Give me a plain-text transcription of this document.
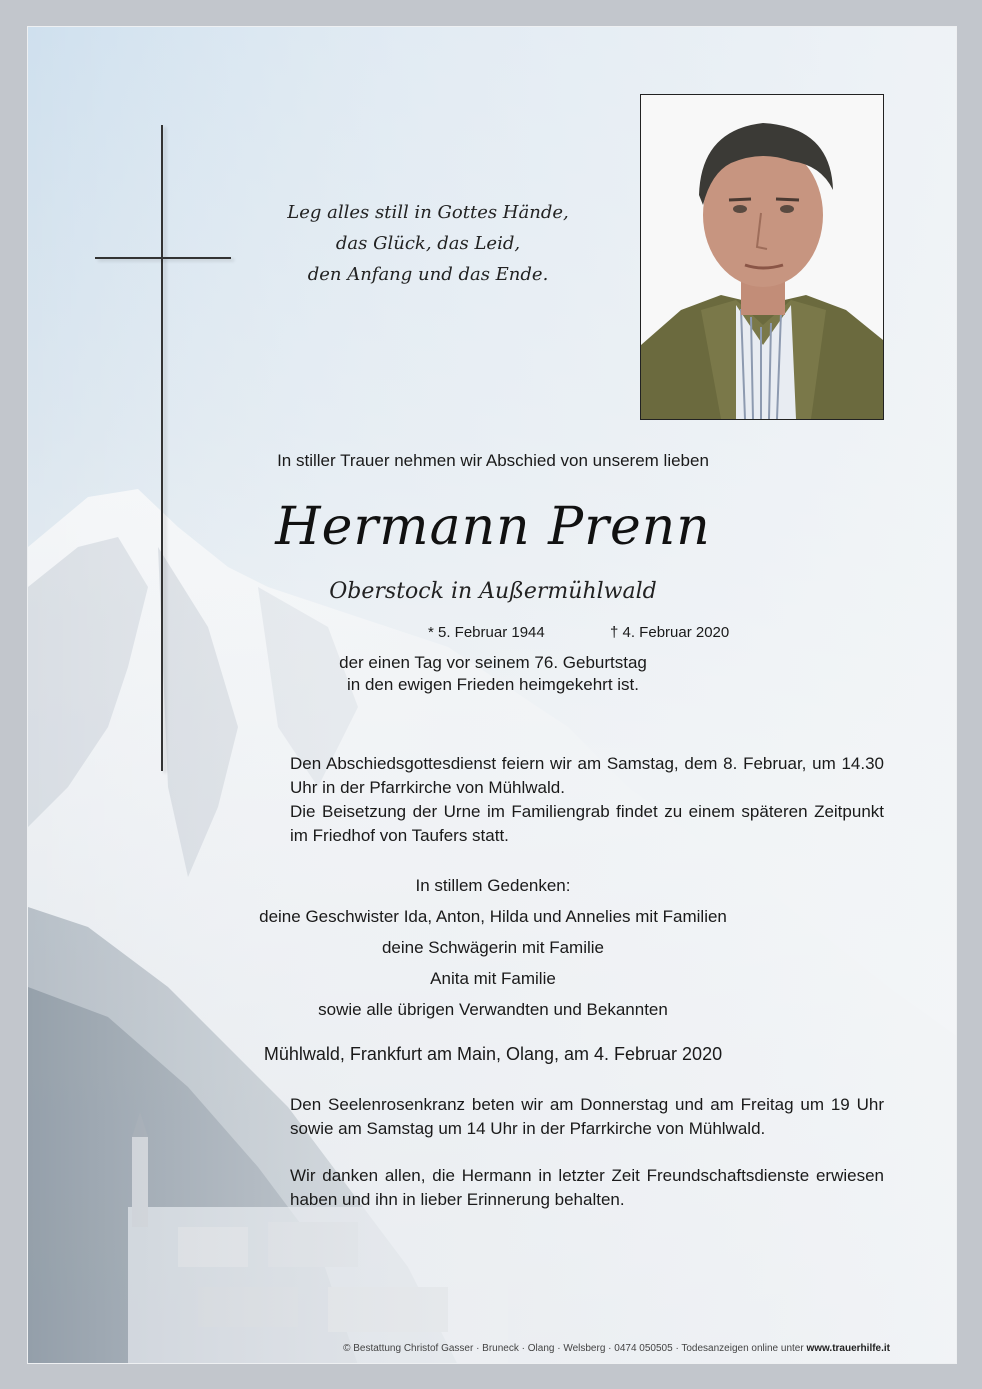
Leg alles still in Gottes Hände,
das Glück, das Leid,
den Anfang und das Ende.
In stiller Trauer nehmen wir Abschied von unserem lieben
Hermann Prenn
Oberstock in Außermühlwald
* 5. Februar 1944	† 4. Februar 2020
der einen Tag vor seinem 76. Geburtstag
in den ewigen Frieden heimgekehrt ist.
Den Abschiedsgottesdienst feiern wir am Samstag, dem 8. Februar, um 14.30 Uhr in der Pfarrkirche von Mühlwald.
Die Beisetzung der Urne im Familiengrab findet zu einem späteren Zeitpunkt im Friedhof von Taufers statt.
In stillem Gedenken:
deine Geschwister Ida, Anton, Hilda und Annelies mit Familien
deine Schwägerin mit Familie
Anita mit Familie
sowie alle übrigen Verwandten und Bekannten
Mühlwald, Frankfurt am Main, Olang, am 4. Februar 2020
Den Seelenrosenkranz beten wir am Donnerstag und am Freitag um 19 Uhr sowie am Samstag um 14 Uhr in der Pfarrkirche von Mühlwald.
Wir danken allen, die Hermann in letzter Zeit Freundschaftsdienste erwiesen haben und ihn in lieber Erinnerung behalten.
© Bestattung Christof Gasser · Bruneck · Olang · Welsberg · 0474 050505 · Todesanzeigen online unter www.trauerhilfe.it
